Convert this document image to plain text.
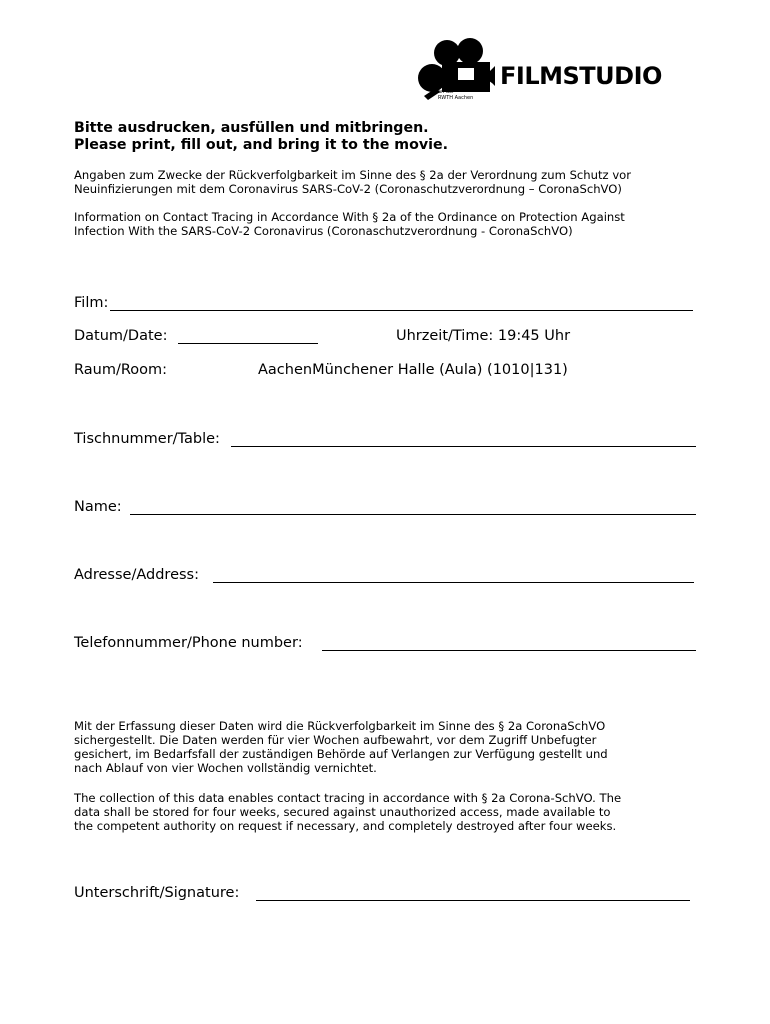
an der
RWTH Aachen
FILMSTUDIO
Bitte ausdrucken, ausfüllen und mitbringen.
Please print, fill out, and bring it to the movie.
Angaben zum Zwecke der Rückverfolgbarkeit im Sinne des § 2a der Verordnung zum Schutz vor
Neuinfizierungen mit dem Coronavirus SARS-CoV-2 (Coronaschutzverordnung – CoronaSchVO)
Information on Contact Tracing in Accordance With § 2a of the Ordinance on Protection Against
Infection With the SARS-CoV-2 Coronavirus (Coronaschutzverordnung - CoronaSchVO)
Film:
Datum/Date:	Uhrzeit/Time: 19:45 Uhr
Raum/Room:	AachenMünchener Halle (Aula) (1010|131)
Tischnummer/Table:
Name:
Adresse/Address:
Telefonnummer/Phone number:
Mit der Erfassung dieser Daten wird die Rückverfolgbarkeit im Sinne des § 2a CoronaSchVO
sichergestellt. Die Daten werden für vier Wochen aufbewahrt, vor dem Zugriff Unbefugter
gesichert, im Bedarfsfall der zuständigen Behörde auf Verlangen zur Verfügung gestellt und
nach Ablauf von vier Wochen vollständig vernichtet.
The collection of this data enables contact tracing in accordance with § 2a Corona-SchVO. The
data shall be stored for four weeks, secured against unauthorized access, made available to
the competent authority on request if necessary, and completely destroyed after four weeks.
Unterschrift/Signature:
